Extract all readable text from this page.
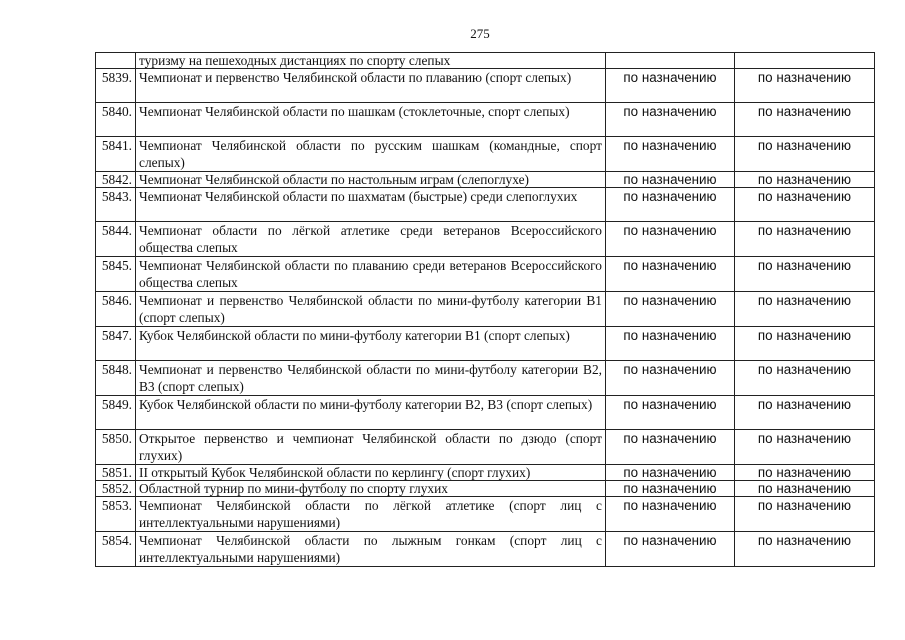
275
	туризму на пешеходных дистанциях по спорту слепых		
5839.	Чемпионат и первенство Челябинской области по плаванию (спорт слепых)	по назначению	по назначению
5840.	Чемпионат Челябинской области по шашкам (стоклеточные, спорт слепых)	по назначению	по назначению
5841.	Чемпионат Челябинской области по русским шашкам (командные, спорт слепых)	по назначению	по назначению
5842.	Чемпионат Челябинской области по настольным играм (слепоглухе)	по назначению	по назначению
5843.	Чемпионат Челябинской области по шахматам (быстрые) среди слепоглухих	по назначению	по назначению
5844.	Чемпионат области по лёгкой атлетике среди ветеранов Всероссийского общества слепых	по назначению	по назначению
5845.	Чемпионат Челябинской области по плаванию среди ветеранов Всероссийского общества слепых	по назначению	по назначению
5846.	Чемпионат и первенство Челябинской области по мини-футболу категории B1 (спорт слепых)	по назначению	по назначению
5847.	Кубок Челябинской области по мини-футболу категории B1 (спорт слепых)	по назначению	по назначению
5848.	Чемпионат и первенство Челябинской области по мини-футболу категории B2, B3 (спорт слепых)	по назначению	по назначению
5849.	Кубок Челябинской области по мини-футболу категории B2, B3 (спорт слепых)	по назначению	по назначению
5850.	Открытое первенство и чемпионат Челябинской области по дзюдо (спорт глухих)	по назначению	по назначению
5851.	II открытый Кубок Челябинской области по керлингу (спорт глухих)	по назначению	по назначению
5852.	Областной турнир по мини-футболу по спорту глухих	по назначению	по назначению
5853.	Чемпионат Челябинской области по лёгкой атлетике (спорт лиц с интеллектуальными нарушениями)	по назначению	по назначению
5854.	Чемпионат Челябинской области по лыжным гонкам (спорт лиц с интеллектуальными нарушениями)	по назначению	по назначению
